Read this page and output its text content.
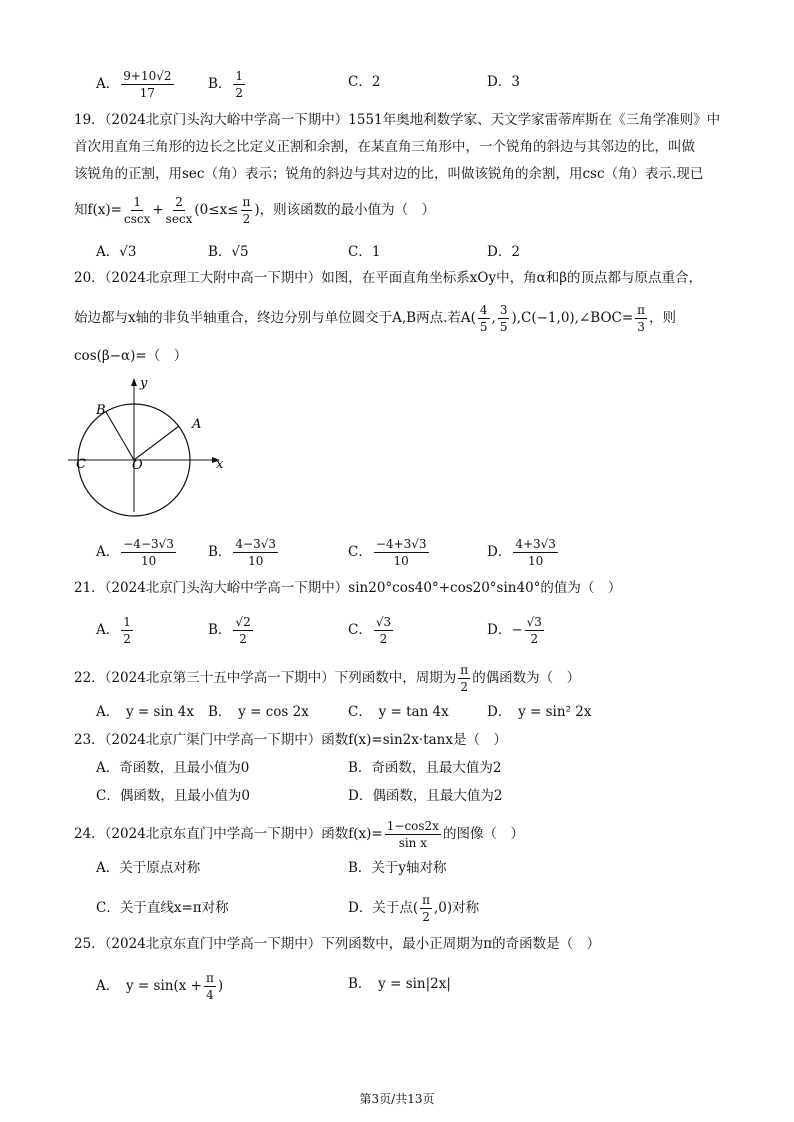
A． $\frac{9+10√2}{17}$	B． $\frac{1}{2}$	C．2	D．3
19．（2024北京门头沟大峪中学高一下期中）1551年奥地利数学家、天文学家雷蒂库斯在《三角学准则》中
首次用直角三角形的边长之比定义正割和余割，在某直角三角形中，一个锐角的斜边与其邻边的比，叫做
该锐角的正割，用sec（角）表示；锐角的斜边与其对边的比，叫做该锐角的余割，用csc（角）表示.现已
知$f(x)= \frac{1}{\csc x} + \frac{2}{\sec x} (0\le x\le \frac{\pi}{2}$ )，则该函数的最小值为（　）
A．√3	B．√5	C．1	D．2
20．（2024北京理工大附中高一下期中）如图，在平面直角坐标系xOy中，角α和β的顶点都与原点重合，
始边都与x轴的非负半轴重合，终边分别与单位圆交于A,B两点.若$A( \frac{4}{5}$ , $\frac{3}{5}$ ),C(−1,0),∠BOC= $\frac{\pi}{3}$ ，则
cos(β−α)=（　）
y
x
B
A
C	O
A． $\frac{-4-3√3}{10}$ B． $\frac{4-3√3}{10}$	C． $\frac{-4+3√3}{10}$	D． $\frac{4+3√3}{10}$
21．（2024北京门头沟大峪中学高一下期中）sin20°cos40°+cos20°sin40°的值为（　）
A． $\frac{1}{2}$	B． $\frac{√2}{2}$	C． $\frac{√3}{2}$	D．− $\frac{√3}{2}$
22．（2024北京第三十五中学高一下期中）下列函数中，周期为 $\frac{\pi}{2}$ 的偶函数为（　）
A．　y = sin 4x B．　y = cos 2x	C．　y = tan 4x	D．　y = sin² 2x
23．（2024北京广渠门中学高一下期中）函数f(x)=sin2x·tanx是（　）
A．奇函数，且最小值为0	B．奇函数，且最大值为2
C．偶函数，且最小值为0	D．偶函数，且最大值为2
24．（2024北京东直门中学高一下期中）函数$f(x)= \frac{1-\cos 2x}{\text{sin x}}$ 的图像（　）
A．关于原点对称	B．关于y轴对称
C．关于直线x=π对称	D．关于点( $\frac{\pi}{2} ,0$)对称
25．（2024北京东直门中学高一下期中）下列函数中，最小正周期为π的奇函数是（　）
A．　$y = \sin(x + \frac{\pi}{4}$ )	B．　y = sin|2x|
第3页/共13页
